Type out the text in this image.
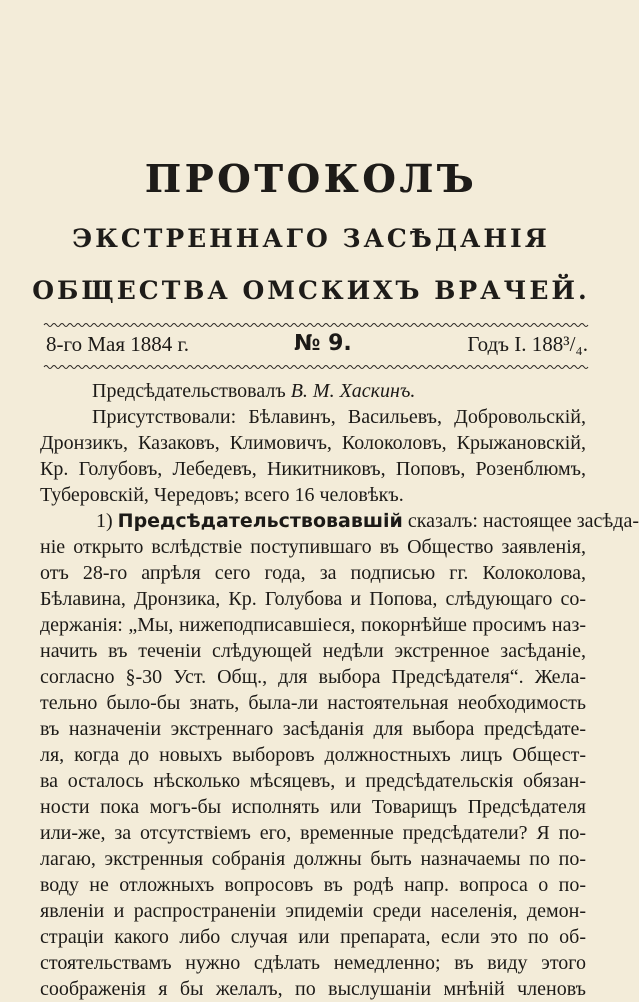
ПРОТОКОЛЪ
ЭКСТРЕННАГО ЗАСѢДАНІЯ
ОБЩЕСТВА ОМСКИХЪ ВРАЧЕЙ.
8-го Мая 1884 г.	№ 9.	Годъ I. 188³/₄.
Предсѣдательствовалъ В. М. Хаскинъ.
Присутствовали: Бѣлавинъ, Васильевъ, Добровольскій,
Дронзикъ, Казаковъ, Климовичъ, Колоколовъ, Крыжановскій,
Кр. Голубовъ, Лебедевъ, Никитниковъ, Поповъ, Розенблюмъ,
Туберовскій, Чередовъ; всего 16 человѣкъ.
1) Предсѣдательствовавшій сказалъ: настоящее засѣда-
ніе открыто вслѣдствіе поступившаго въ Общество заявленія,
отъ 28-го апрѣля сего года, за подписью гг. Колоколова,
Бѣлавина, Дронзика, Кр. Голубова и Попова, слѣдующаго со-
держанія: „Мы, нижеподписавшіеся, покорнѣйше просимъ наз-
начить въ теченіи слѣдующей недѣли экстренное засѣданіе,
согласно §-30 Уст. Общ., для выбора Предсѣдателя“. Жела-
тельно было-бы знать, была-ли настоятельная необходимость
въ назначеніи экстреннаго засѣданія для выбора предсѣдате-
ля, когда до новыхъ выборовъ должностныхъ лицъ Общест-
ва осталось нѣсколько мѣсяцевъ, и предсѣдательскія обязан-
ности пока могъ-бы исполнять или Товарищъ Предсѣдателя
или-же, за отсутствіемъ его, временные предсѣдатели? Я по-
лагаю, экстренныя собранія должны быть назначаемы по по-
воду не отложныхъ вопросовъ въ родѣ напр. вопроса о по-
явленіи и распространеніи эпидеміи среди населенія, демон-
страціи какого либо случая или препарата, если это по об-
стоятельствамъ нужно сдѣлать немедленно; въ виду этого
соображенія я бы желалъ, по выслушаніи мнѣній членовъ
